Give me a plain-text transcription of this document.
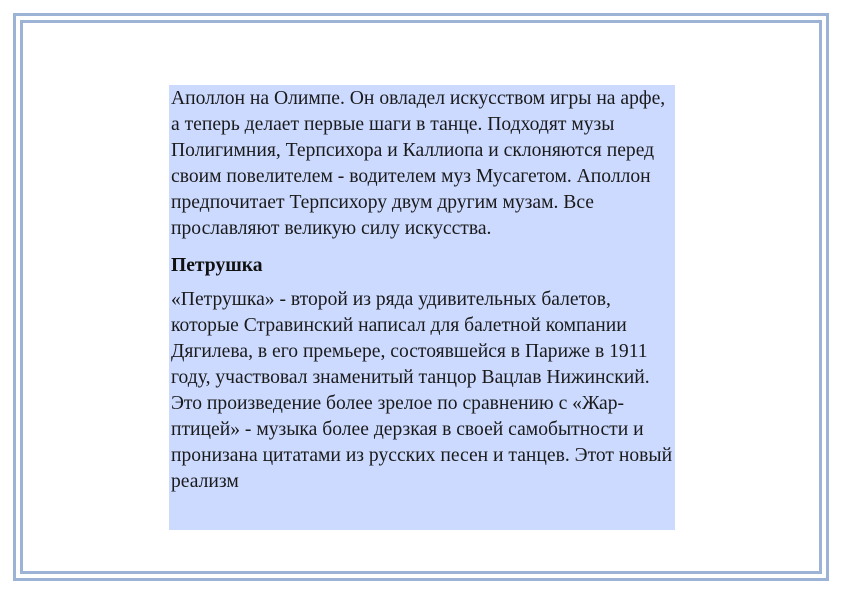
Аполлон на Олимпе. Он овладел искусством игры на арфе, а теперь делает первые шаги в танце. Подходят музы Полигимния, Терпсихора и Каллиопа и склоняются перед своим повелителем - водителем муз Мусагетом. Аполлон предпочитает Терпсихору двум другим музам. Все прославляют великую силу искусства.

Петрушка

«Петрушка» - второй из ряда удивительных балетов, которые Стравинский написал для балетной компании Дягилева, в его премьере, состоявшейся в Париже в 1911 году, участвовал знаменитый танцор Вацлав Нижинский. Это произведение более зрелое по сравнению с «Жар-птицей» - музыка более дерзкая в своей самобытности и пронизана цитатами из русских песен и танцев. Этот новый реализм
